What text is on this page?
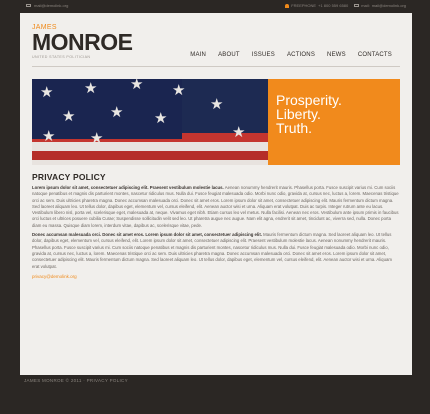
mail@demolink.org	FREEPHONE +1 800 559 6580	mail: mail@demolink.org
JAMES
MONROE
UNITED STATES POLITICIAN	MAIN	ABOUT	ISSUES	ACTIONS	NEWS	CONTACTS
★ ★ ★ ★
★ ★ ★
★
★
★ ★
Prosperity.
Liberty.
Truth.
PRIVACY POLICY
Lorem ipsum dolor sit amet, consectetuer adipiscing elit. Praesent vestibulum molestie lacus. Aenean nonummy hendrerit mauris. Phasellus porta. Fusce suscipit varius mi. Cum sociis natoque penatibus et magnis dis parturient montes, nascetur ridiculus mus. Nulla dui. Fusce feugiat malesuada odio. Morbi nunc odio, gravida at, cursus nec, luctus a, lorem. Maecenas tristique orci ac sem. Duis ultricies pharetra magna. Donec accumsan malesuada orci. Donec sit amet eros. Lorem ipsum dolor sit amet, consectetuer adipiscing elit. Mauris fermentum dictum magna. Sed laoreet aliquam leo. Ut tellus dolor, dapibus eget, elementum vel, cursus eleifend, elit. Aenean auctor wisi et urna. Aliquam erat volutpat. Duis ac turpis. Integer rutrum ante eu lacus. Vestibulum libero nisl, porta vel, scelerisque eget, malesuada at, neque. Vivamus eget nibh. Etiam cursus leo vel metus. Nulla facilisi. Aenean nec eros. Vestibulum ante ipsum primis in faucibus orci luctus et ultrices posuere cubilia Curae; Suspendisse sollicitudin velit sed leo. Ut pharetra augue nec augue. Nam elit agna, endrerit sit amet, tincidunt ac, viverra sed, nulla. Donec porta diam eu massa. Quisque diam lorem, interdum vitae, dapibus ac, scelerisque vitae, pede.
Donec accumsan malesuada orci. Donec sit amet eros. Lorem ipsum dolor sit amet, consectetuer adipiscing elit. Mauris fermentum dictum magna. Sed laoreet aliquam leo. Ut tellus dolor, dapibus eget, elementum vel, cursus eleifend, elit. Lorem ipsum dolor sit amet, consectetuer adipiscing elit. Praesent vestibulum molestie lacus. Aenean nonummy hendrerit mauris. Phasellus porta. Fusce suscipit varius mi. Cum sociis natoque penatibus et magnis dis parturient montes, nascetur ridiculus mus. Nulla dui. Fusce feugiat malesuada odio. Morbi nunc odio, gravida at, cursus nec, luctus a, lorem. Maecenas tristique orci ac sem. Duis ultricies pharetra magna. Donec accumsan malesuada orci. Donec sit amet eros. Lorem ipsum dolor sit amet, consectetuer adipiscing elit. Mauris fermentum dictum magna. Sed laoreet aliquam leo. Ut tellus dolor, dapibus eget, elementum vel, cursus eleifend, elit. Aenean auctor wisi et urna. Aliquam erat volutpat.
privacy@demolink.org
JAMES MONROE © 2011 · PRIVACY POLICY
